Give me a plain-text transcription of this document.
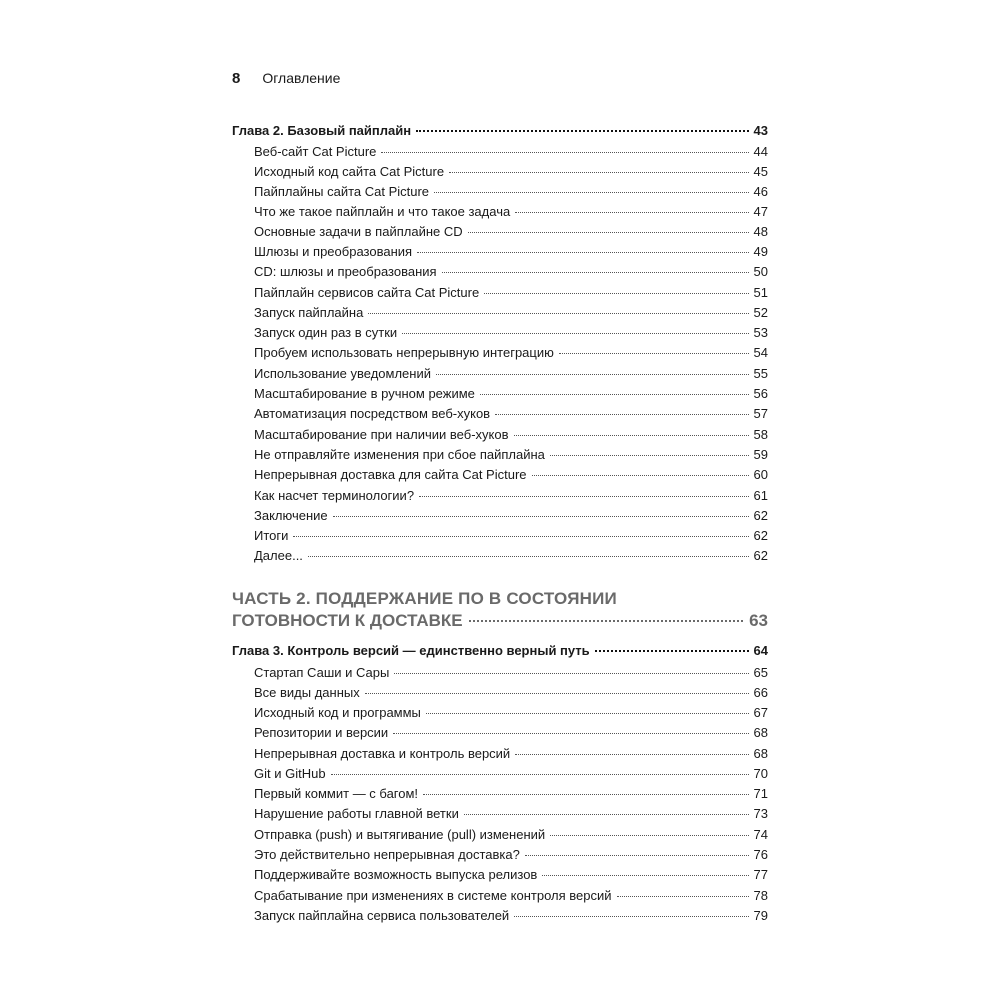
8 Оглавление
Глава 2. Базовый пайплайн	43
Веб-сайт Cat Picture	44
Исходный код сайта Cat Picture	45
Пайплайны сайта Cat Picture	46
Что же такое пайплайн и что такое задача	47
Основные задачи в пайплайне CD	48
Шлюзы и преобразования	49
CD: шлюзы и преобразования	50
Пайплайн сервисов сайта Cat Picture	51
Запуск пайплайна	52
Запуск один раз в сутки	53
Пробуем использовать непрерывную интеграцию	54
Использование уведомлений	55
Масштабирование в ручном режиме	56
Автоматизация посредством веб-хуков	57
Масштабирование при наличии веб-хуков	58
Не отправляйте изменения при сбое пайплайна	59
Непрерывная доставка для сайта Cat Picture	60
Как насчет терминологии?	61
Заключение	62
Итоги	62
Далее...	62
ЧАСТЬ 2. ПОДДЕРЖАНИЕ ПО В СОСТОЯНИИ
ГОТОВНОСТИ К ДОСТАВКЕ	63
Глава 3. Контроль версий — единственно верный путь	64
Стартап Саши и Сары	65
Все виды данных	66
Исходный код и программы	67
Репозитории и версии	68
Непрерывная доставка и контроль версий	68
Git и GitHub	70
Первый коммит — с багом!	71
Нарушение работы главной ветки	73
Отправка (push) и вытягивание (pull) изменений	74
Это действительно непрерывная доставка?	76
Поддерживайте возможность выпуска релизов	77
Срабатывание при изменениях в системе контроля версий	78
Запуск пайплайна сервиса пользователей	79
